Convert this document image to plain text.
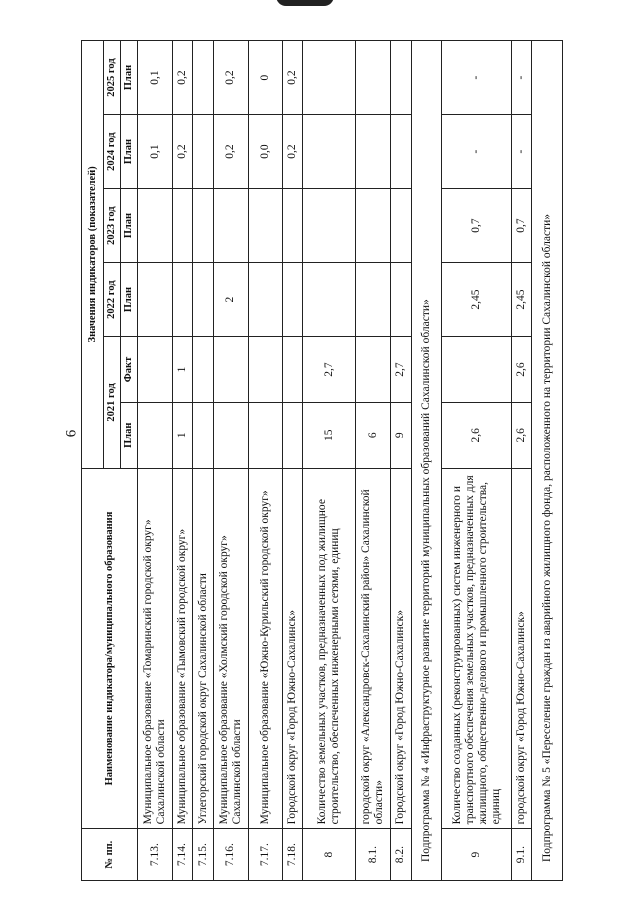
6
№ пп.	Наименование индикатора/муниципального образования	Значения индикаторов (показателей)					
		2021 год		2022 год	2023 год	2024 год	2025 год
		План	Факт	План	План	План	План
7.13.	Муниципальное образование «Томаринский городской округ» Сахалинской области					0,1	0,1
7.14.	Муниципальное образование «Тымовский городской округ»	1	1			0,2	0,2
7.15.	Углегорский городской округ Сахалинской области						
7.16.	Муниципальное образование «Холмский городской округ» Сахалинской области			2		0,2	0,2
7.17.	Муниципальное образование «Южно-Курильский городской округ»					0,0	0
7.18.	Городской округ «Город Южно-Сахалинск»					0,2	0,2
8	Количество земельных участков, предназначенных под жилищное строительство, обеспеченных инженерными сетями, единиц	15	2,7				
8.1.	городской округ «Александровск-Сахалинский район» Сахалинской области»	6					
8.2.	Городской округ «Город Южно-Сахалинск»	9	2,7				
Подпрограмма № 4 «Инфраструктурное развитие территорий муниципальных образований Сахалинской области»							
9	Количество созданных (реконструированных) систем инженерного и транспортного обеспечения земельных участков, предназначенных для жилищного, общественно-делового и промышленного строительства, единиц	2,6		2,45	0,7	-	-
9.1.	городской округ «Город Южно-Сахалинск»	2,6	2,6	2,45	0,7	-	-
Подпрограмма № 5 «Переселение граждан из аварийного жилищного фонда, расположенного на территории Сахалинской области»							
